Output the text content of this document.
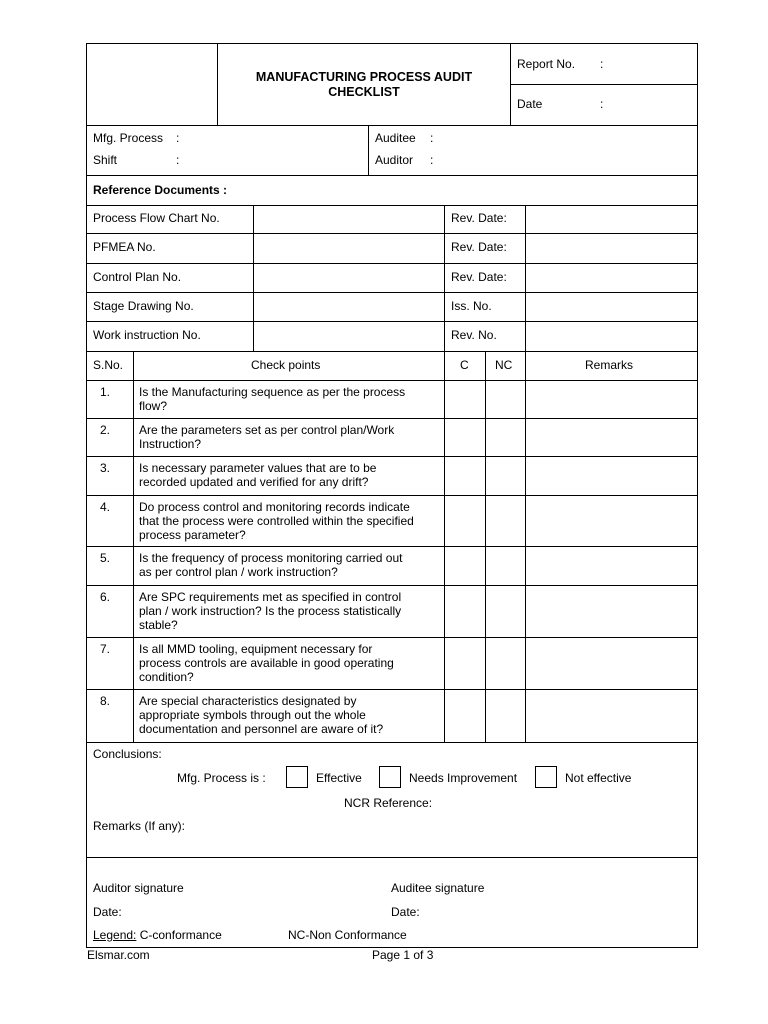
MANUFACTURING PROCESS AUDIT
CHECKLIST
Report No. :
Date	:
Mfg. Process :
Shift	:
Auditee :
Auditor :
Reference Documents :
Process Flow Chart No.	Rev. Date:
PFMEA No.	Rev. Date:
Control Plan No.	Rev. Date:
Stage Drawing No.	Iss. No.
Work instruction No.	Rev. No.
S.No.	Check points	C NC	Remarks
1.	Is the Manufacturing sequence as per the process
flow?
2.	Are the parameters set as per control plan/Work
Instruction?
3.	Is necessary parameter values that are to be
recorded updated and verified for any drift?
4.	Do process control and monitoring records indicate
that the process were controlled within the specified
process parameter?
5.	Is the frequency of process monitoring carried out
as per control plan / work instruction?
6.	Are SPC requirements met as specified in control
plan / work instruction? Is the process statistically
stable?
7.	Is all MMD tooling, equipment necessary for
process controls are available in good operating
condition?
8.	Are special characteristics designated by
appropriate symbols through out the whole
documentation and personnel are aware of it?
Conclusions:
Mfg. Process is :	Effective	Needs Improvement	Not effective
NCR Reference:
Remarks (If any):
Auditor signature	Auditee signature
Date:	Date:
Legend: C-conformance	NC-Non Conformance
Elsmar.com	Page 1 of 3
